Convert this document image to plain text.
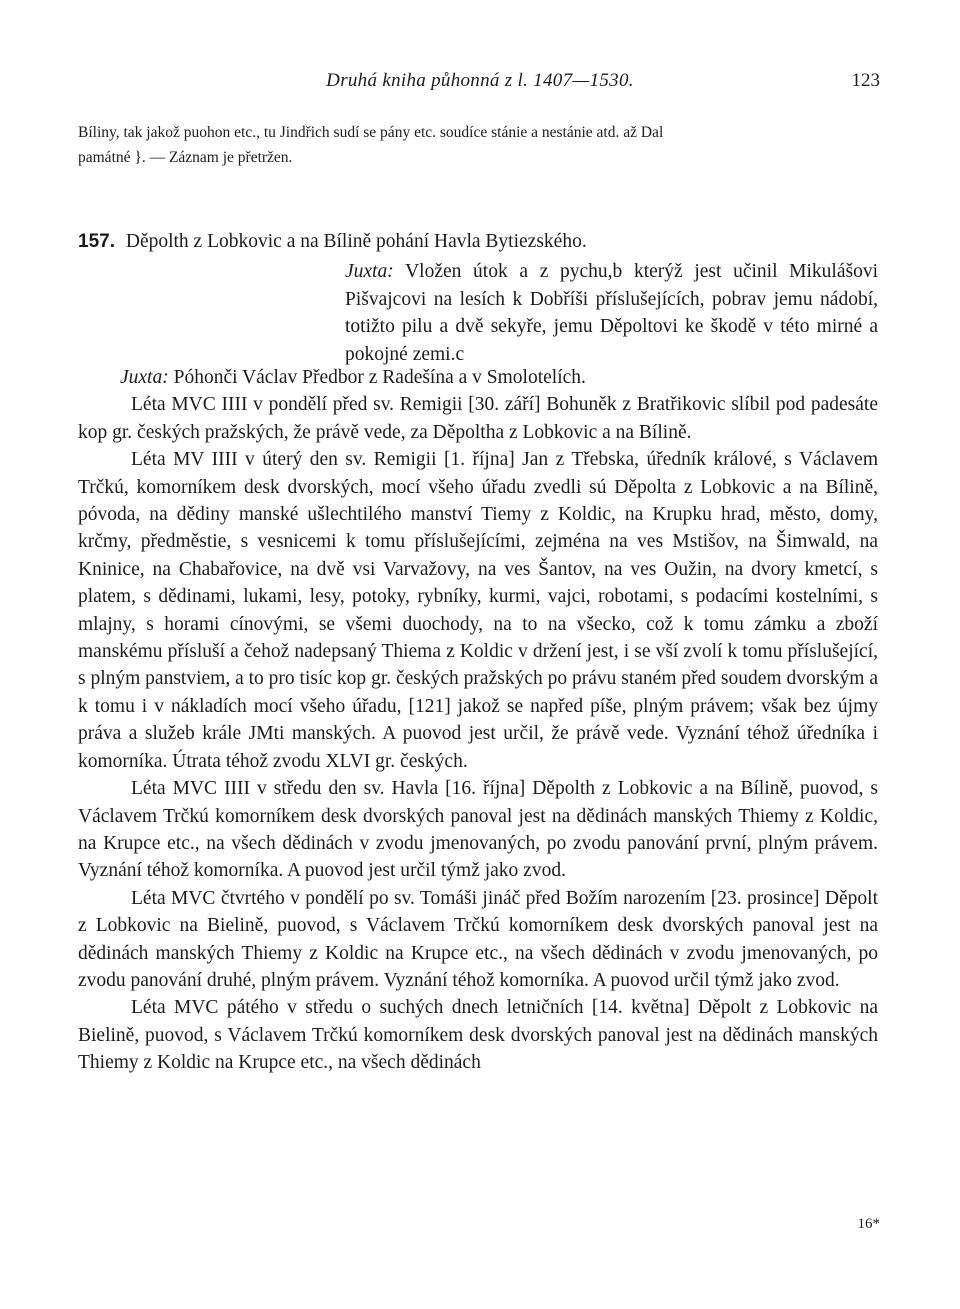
Druhá kniha půhonná z l. 1407—1530.	123
Bíliny, tak jakož puohon etc., tu Jindřich sudí se pány etc. soudíce stánie a nestánie atd. až Dal
památné }. — Záznam je přetržen.
157. Děpolth z Lobkovic a na Bílině pohání Havla Bytiezského.
Juxta: Vložen útok a z pychu,b kterýž jest učinil Mikulášovi Pišvajcovi na lesích k Dobříši příslušejících, pobrav jemu nádobí, totižto pilu a dvě sekyře, jemu Děpoltovi ke škodě v této mirné a pokojné zemi.c

Juxta: Póhonči Václav Předbor z Radešína a v Smolotelích.

Léta MVC IIII v pondělí před sv. Remigii [30. září] Bohuněk z Bratřikovic slíbil pod padesáte kop gr. českých pražských, že právě vede, za Děpoltha z Lobkovic a na Bílině.

Léta MV IIII v úterý den sv. Remigii [1. října] Jan z Třebska, úředník králové, s Václavem Trčkú, komorníkem desk dvorských, mocí všeho úřadu zvedli sú Děpolta z Lobkovic a na Bílině, póvoda, na dědiny manské ušlechtilého manství Tiemy z Koldic, na Krupku hrad, město, domy, krčmy, předměstie, s vesnicemi k tomu příslušejícími, zejména na ves Mstišov, na Šimwald, na Kninice, na Chabařovice, na dvě vsi Varvažovy, na ves Šantov, na ves Oužin, na dvory kmetcí, s platem, s dědinami, lukami, lesy, potoky, rybníky, kurmi, vajci, robotami, s podacími kostelními, s mlajny, s horami cínovými, se všemi duochody, na to na všecko, což k tomu zámku a zboží manskému přísluší a čehož nadepsaný Thiema z Koldic v držení jest, i se vší zvolí k tomu příslušející, s plným panstviem, a to pro tisíc kop gr. českých pražských po právu staném před soudem dvorským a k tomu i v nákladích mocí všeho úřadu, [121] jakož se napřed píše, plným právem; však bez újmy práva a služeb krále JMti manských. A puovod jest určil, že právě vede. Vyznání téhož úředníka i komorníka. Útrata téhož zvodu XLVI gr. českých.

Léta MVC IIII v středu den sv. Havla [16. října] Děpolth z Lobkovic a na Bílině, puovod, s Václavem Trčkú komorníkem desk dvorských panoval jest na dědinách manských Thiemy z Koldic, na Krupce etc., na všech dědinách v zvodu jmenovaných, po zvodu panování první, plným právem. Vyznání téhož komorníka. A puovod jest určil týmž jako zvod.

Léta MVC čtvrtého v pondělí po sv. Tomáši jináč před Božím narozením [23. prosince] Děpolt z Lobkovic na Bielině, puovod, s Václavem Trčkú komorníkem desk dvorských panoval jest na dědinách manských Thiemy z Koldic na Krupce etc., na všech dědinách v zvodu jmenovaných, po zvodu panování druhé, plným právem. Vyznání téhož komorníka. A puovod určil týmž jako zvod.

Léta MVC pátého v středu o suchých dnech letničních [14. května] Děpolt z Lobkovic na Bielině, puovod, s Václavem Trčkú komorníkem desk dvorských panoval jest na dědinách manských Thiemy z Koldic na Krupce etc., na všech dědinách

16*
